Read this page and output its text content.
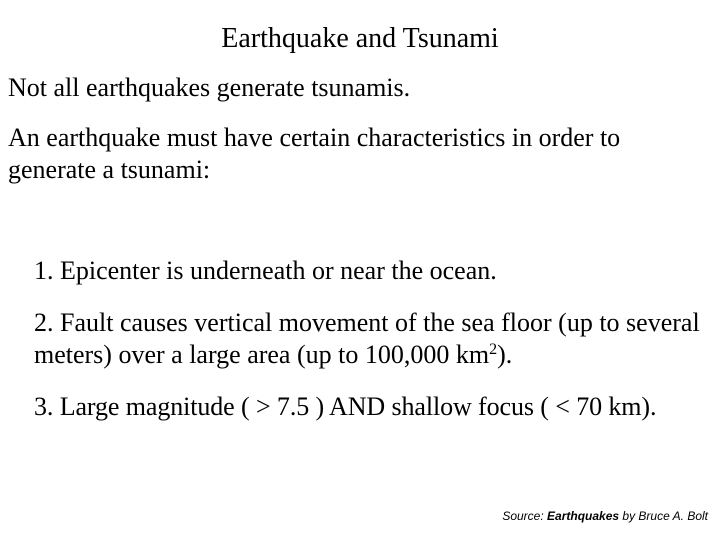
Earthquake and Tsunami
Not all earthquakes generate tsunamis.
An earthquake must have certain characteristics in order to generate a tsunami:
1. Epicenter is underneath or near the ocean.
2. Fault causes vertical movement of the sea floor (up to several meters) over a large area (up to 100,000 $km^2$).
3. Large magnitude ( > 7.5 ) AND shallow focus ( < 70 km).
Source: Earthquakes by Bruce A. Bolt
